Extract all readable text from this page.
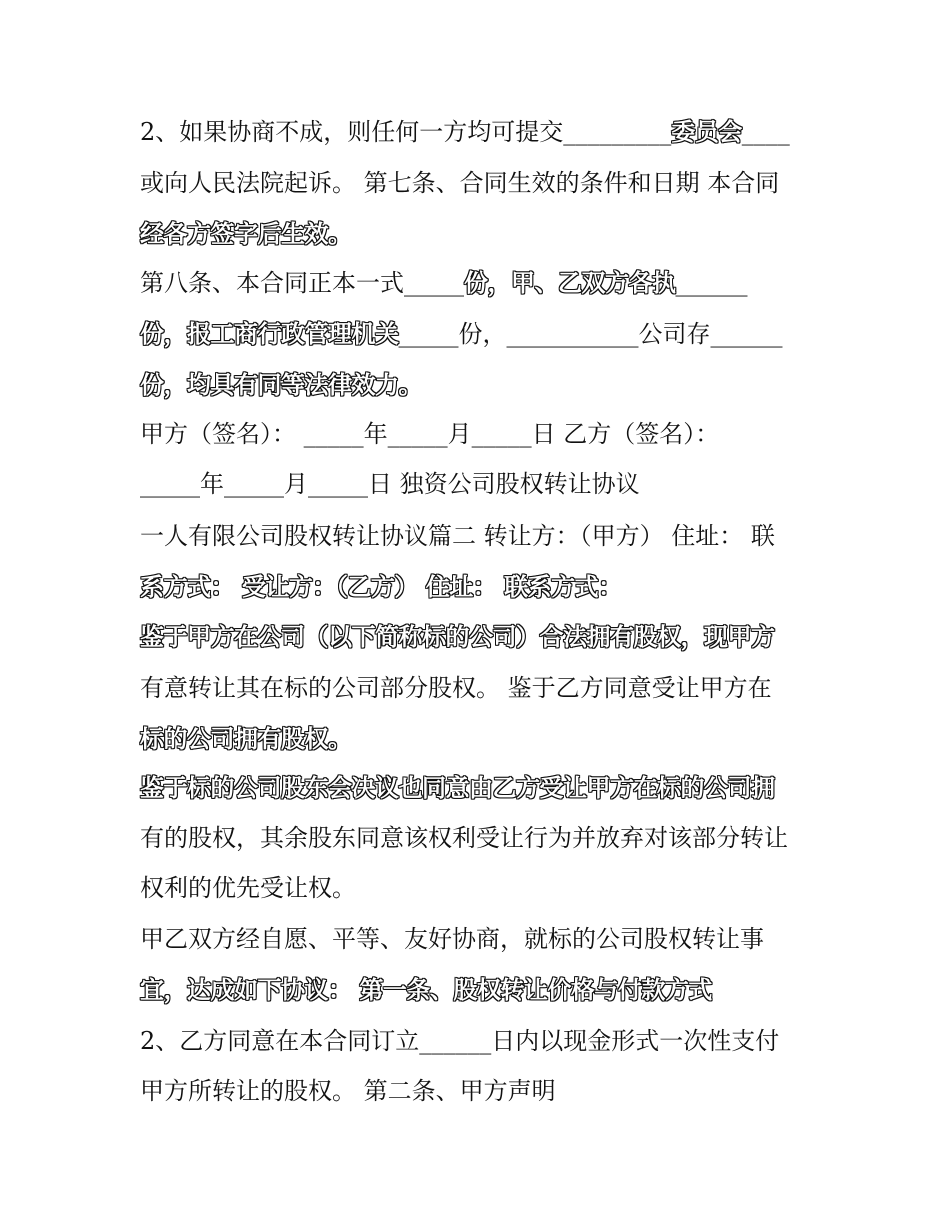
2、如果协商不成，则任何一方均可提交_________委员会____
或向人民法院起诉。 第七条、合同生效的条件和日期 本合同
经各方签字后生效。
第八条、本合同正本一式_____份，甲、乙双方各执______
份，报工商行政管理机关_____份，___________公司存______
份，均具有同等法律效力。
甲方（签名）： _____年_____月_____日 乙方（签名）：
_____年_____月_____日 独资公司股权转让协议
一人有限公司股权转让协议篇二 转让方：（甲方） 住址： 联
系方式： 受让方：（乙方） 住址： 联系方式：
鉴于甲方在公司（以下简称标的公司）合法拥有股权，现甲方
有意转让其在标的公司部分股权。 鉴于乙方同意受让甲方在
标的公司拥有股权。
鉴于标的公司股东会决议也同意由乙方受让甲方在标的公司拥
有的股权，其余股东同意该权利受让行为并放弃对该部分转让
权利的优先受让权。
甲乙双方经自愿、平等、友好协商，就标的公司股权转让事
宜，达成如下协议： 第一条、股权转让价格与付款方式
2、乙方同意在本合同订立______日内以现金形式一次性支付
甲方所转让的股权。 第二条、甲方声明
